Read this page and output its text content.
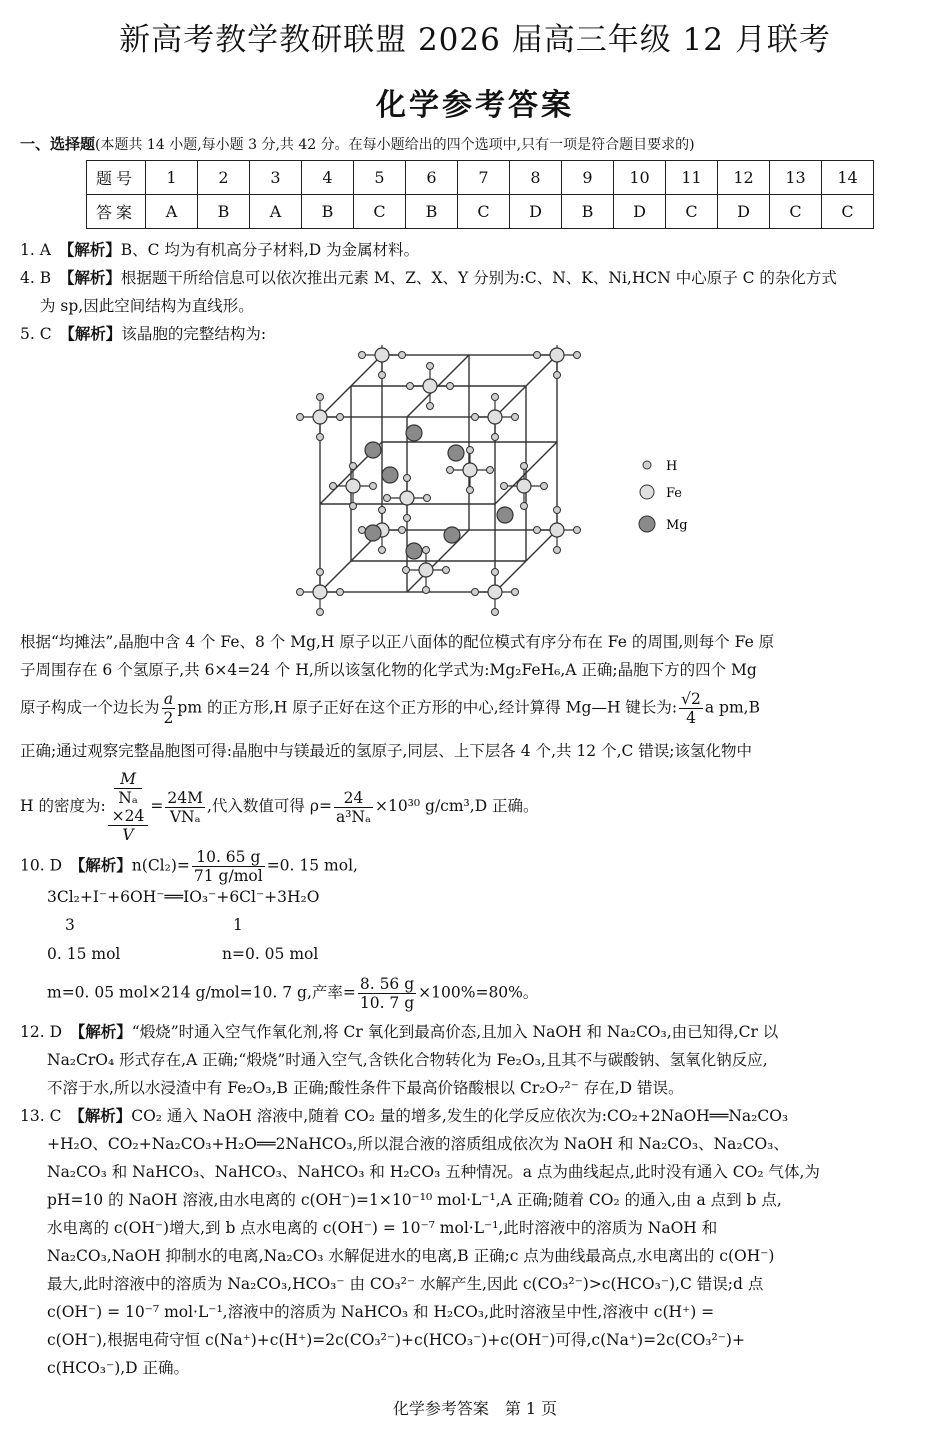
新高考教学教研联盟 2026 届高三年级 12 月联考
化学参考答案
一、选择题(本题共 14 小题,每小题 3 分,共 42 分。在每小题给出的四个选项中,只有一项是符合题目要求的)
题号	1	2	3	4	5	6	7	8	9	10	11	12	13	14
答案	A	B	A	B	C	B	C	D	B	D	C	D	C	C
1. A　 【解析】B、C 均为有机高分子材料,D 为金属材料。
4. B　 【解析】根据题干所给信息可以依次推出元素 M、Z、X、Y 分别为:C、N、K、Ni,HCN 中心原子 C 的杂化方式
为 sp,因此空间结构为直线形。
5. C　 【解析】该晶胞的完整结构为:
H
Fe
Mg
根据“均摊法”,晶胞中含 4 个 Fe、8 个 Mg,H 原子以正八面体的配位模式有序分布在 Fe 的周围,则每个 Fe 原
子周围存在 6 个氢原子,共 6×4=24 个 H,所以该氢化物的化学式为:Mg₂FeH₆,A 正确;晶胞下方的四个 Mg
原子构成一个边长为 $\frac{a}{2}$ pm 的正方形,H 原子正好在这个正方形的中心,经计算得 Mg—H 键长为: $\frac{√2}{4}$ a pm,B
正确;通过观察完整晶胞图可得:晶胞中与镁最近的氢原子,同层、上下层各 4 个,共 12 个,C 错误;该氢化物中
H 的密度为: M
Nₐ
×24
$V = \frac{24M}{\text{VNₐ}}$ ,代入数值可得 $\rho= \frac{24}{\text{a³Nₐ}} \times 10^{30}$ g/cm³,D 正确。
10. D　 【解析】$n(Cl_2)= \frac{10. 65 g}{\text{71 g/mol}} =0$. 15 mol,
3Cl₂+I⁻+6OH⁻══IO₃⁻+6Cl⁻+3H₂O
3	1
0. 15 mol	n=0. 05 mol
m=0. 05 mol×214 g/mol=10. 7 g,产率= $\frac{8. 56 g}{10. 7 g} \times 100\%=80\%$。
12. D　 【解析】“煅烧”时通入空气作氧化剂,将 Cr 氧化到最高价态,且加入 NaOH 和 Na₂CO₃,由已知得,Cr 以
Na₂CrO₄ 形式存在,A 正确;“煅烧”时通入空气,含铁化合物转化为 Fe₂O₃,且其不与碳酸钠、氢氧化钠反应,
不溶于水,所以水浸渣中有 Fe₂O₃,B 正确;酸性条件下最高价铬酸根以 Cr₂O₇²⁻ 存在,D 错误。
13. C　 【解析】CO₂ 通入 NaOH 溶液中,随着 CO₂ 量的增多,发生的化学反应依次为:CO₂+2NaOH══Na₂CO₃
+H₂O、CO₂+Na₂CO₃+H₂O══2NaHCO₃,所以混合液的溶质组成依次为 NaOH 和 Na₂CO₃、Na₂CO₃、
Na₂CO₃ 和 NaHCO₃、NaHCO₃、NaHCO₃ 和 H₂CO₃ 五种情况。a 点为曲线起点,此时没有通入 CO₂ 气体,为
pH=10 的 NaOH 溶液,由水电离的 c(OH⁻)=1×10⁻¹⁰ mol·L⁻¹,A 正确;随着 CO₂ 的通入,由 a 点到 b 点,
水电离的 c(OH⁻)增大,到 b 点水电离的 c(OH⁻) = 10⁻⁷ mol·L⁻¹,此时溶液中的溶质为 NaOH 和
Na₂CO₃,NaOH 抑制水的电离,Na₂CO₃ 水解促进水的电离,B 正确;c 点为曲线最高点,水电离出的 c(OH⁻)
最大,此时溶液中的溶质为 Na₂CO₃,HCO₃⁻ 由 CO₃²⁻ 水解产生,因此 c(CO₃²⁻)>c(HCO₃⁻),C 错误;d 点
c(OH⁻) = 10⁻⁷ mol·L⁻¹,溶液中的溶质为 NaHCO₃ 和 H₂CO₃,此时溶液呈中性,溶液中 c(H⁺) =
c(OH⁻),根据电荷守恒 c(Na⁺)+c(H⁺)=2c(CO₃²⁻)+c(HCO₃⁻)+c(OH⁻)可得,c(Na⁺)=2c(CO₃²⁻)+
c(HCO₃⁻),D 正确。
化学参考答案　第 1 页
